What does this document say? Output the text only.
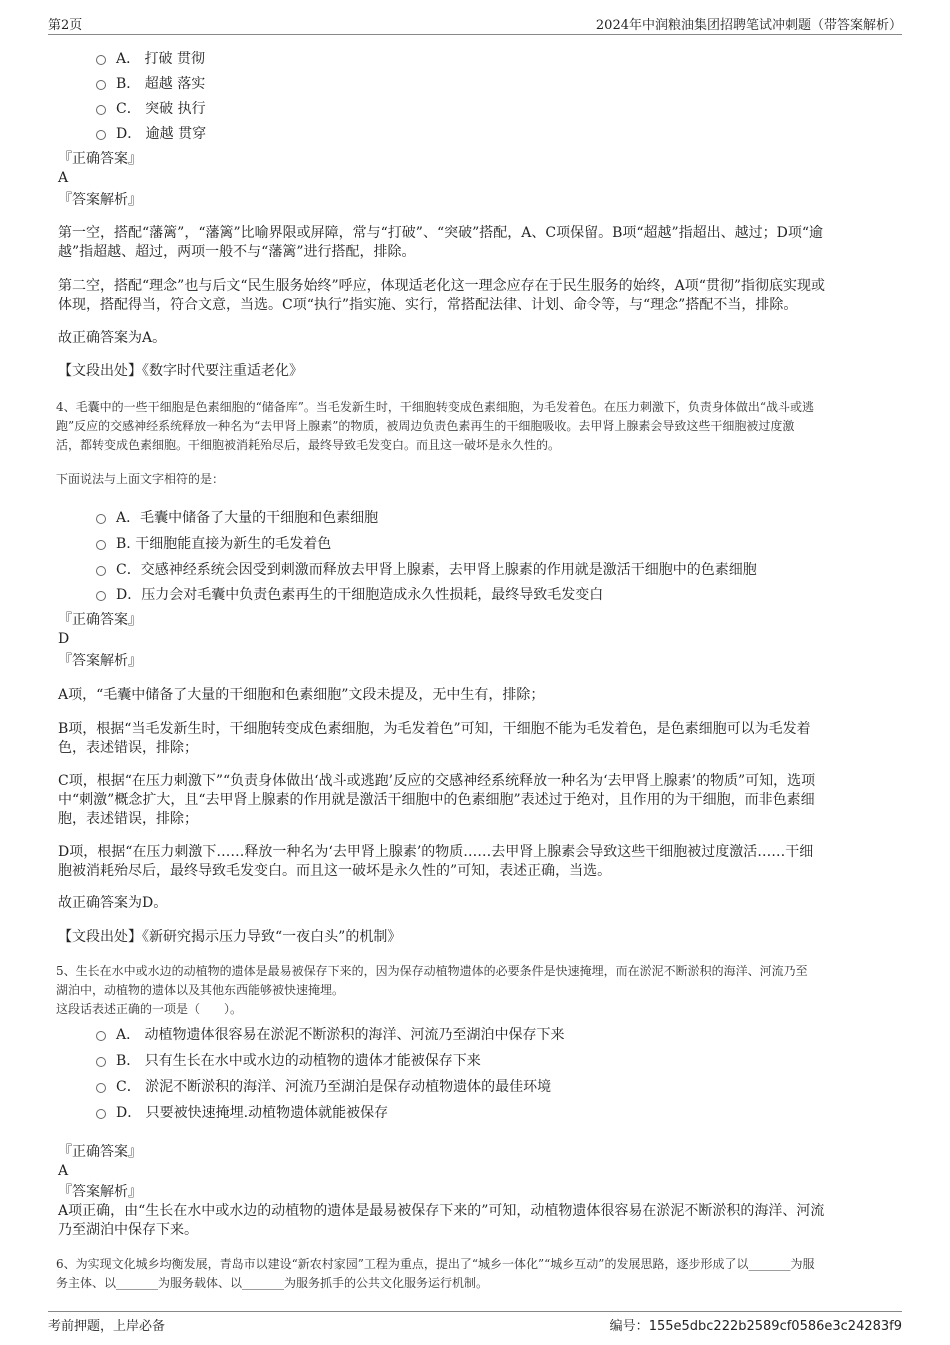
第2页	2024年中润粮油集团招聘笔试冲刺题（带答案解析）
A． 打破 贯彻
B． 超越 落实
C． 突破 执行
D． 逾越 贯穿
『正确答案』
A
『答案解析』
第一空，搭配“藩篱”，“藩篱”比喻界限或屏障，常与“打破”、“突破”搭配，A、C项保留。B项“超越”指超出、越过；D项“逾
越”指超越、超过，两项一般不与“藩篱”进行搭配，排除。
第二空，搭配“理念”也与后文“民生服务始终”呼应，体现适老化这一理念应存在于民生服务的始终，A项“贯彻”指彻底实现或
体现，搭配得当，符合文意，当选。C项“执行”指实施、实行，常搭配法律、计划、命令等，与“理念”搭配不当，排除。
故正确答案为A。
【文段出处】《数字时代要注重适老化》
4、毛囊中的一些干细胞是色素细胞的“储备库”。当毛发新生时，干细胞转变成色素细胞，为毛发着色。在压力刺激下，负责身体做出“战斗或逃
跑”反应的交感神经系统释放一种名为“去甲肾上腺素”的物质，被周边负责色素再生的干细胞吸收。去甲肾上腺素会导致这些干细胞被过度激
活，都转变成色素细胞。干细胞被消耗殆尽后，最终导致毛发变白。而且这一破坏是永久性的。
下面说法与上面文字相符的是：
A．毛囊中储备了大量的干细胞和色素细胞
B. 干细胞能直接为新生的毛发着色
C．交感神经系统会因受到刺激而释放去甲肾上腺素，去甲肾上腺素的作用就是激活干细胞中的色素细胞
D．压力会对毛囊中负责色素再生的干细胞造成永久性损耗，最终导致毛发变白
『正确答案』
D
『答案解析』
A项，“毛囊中储备了大量的干细胞和色素细胞”文段未提及，无中生有，排除；
B项，根据“当毛发新生时，干细胞转变成色素细胞，为毛发着色”可知，干细胞不能为毛发着色，是色素细胞可以为毛发着
色，表述错误，排除；
C项，根据“在压力刺激下”“负责身体做出‘战斗或逃跑’反应的交感神经系统释放一种名为‘去甲肾上腺素’的物质”可知，选项
中“刺激”概念扩大，且“去甲肾上腺素的作用就是激活干细胞中的色素细胞”表述过于绝对，且作用的为干细胞，而非色素细
胞，表述错误，排除；
D项，根据“在压力刺激下……释放一种名为‘去甲肾上腺素’的物质……去甲肾上腺素会导致这些干细胞被过度激活……干细
胞被消耗殆尽后，最终导致毛发变白。而且这一破坏是永久性的”可知，表述正确，当选。
故正确答案为D。
【文段出处】《新研究揭示压力导致“一夜白头”的机制》
5、生长在水中或水边的动植物的遗体是最易被保存下来的，因为保存动植物遗体的必要条件是快速掩埋，而在淤泥不断淤积的海洋、河流乃至
湖泊中，动植物的遗体以及其他东西能够被快速掩埋。
这段话表述正确的一项是（　　）。
A． 动植物遗体很容易在淤泥不断淤积的海洋、河流乃至湖泊中保存下来
B． 只有生长在水中或水边的动植物的遗体才能被保存下来
C． 淤泥不断淤积的海洋、河流乃至湖泊是保存动植物遗体的最佳环境
D． 只要被快速掩埋.动植物遗体就能被保存
『正确答案』
A
『答案解析』
A项正确，由“生长在水中或水边的动植物的遗体是最易被保存下来的”可知，动植物遗体很容易在淤泥不断淤积的海洋、河流
乃至湖泊中保存下来。
6、为实现文化城乡均衡发展，青岛市以建设“新农村家园”工程为重点，提出了“城乡一体化”“城乡互动”的发展思路，逐步形成了以_______为服
务主体、以_______为服务载体、以_______为服务抓手的公共文化服务运行机制。
考前押题，上岸必备	编号：155e5dbc222b2589cf0586e3c24283f9
